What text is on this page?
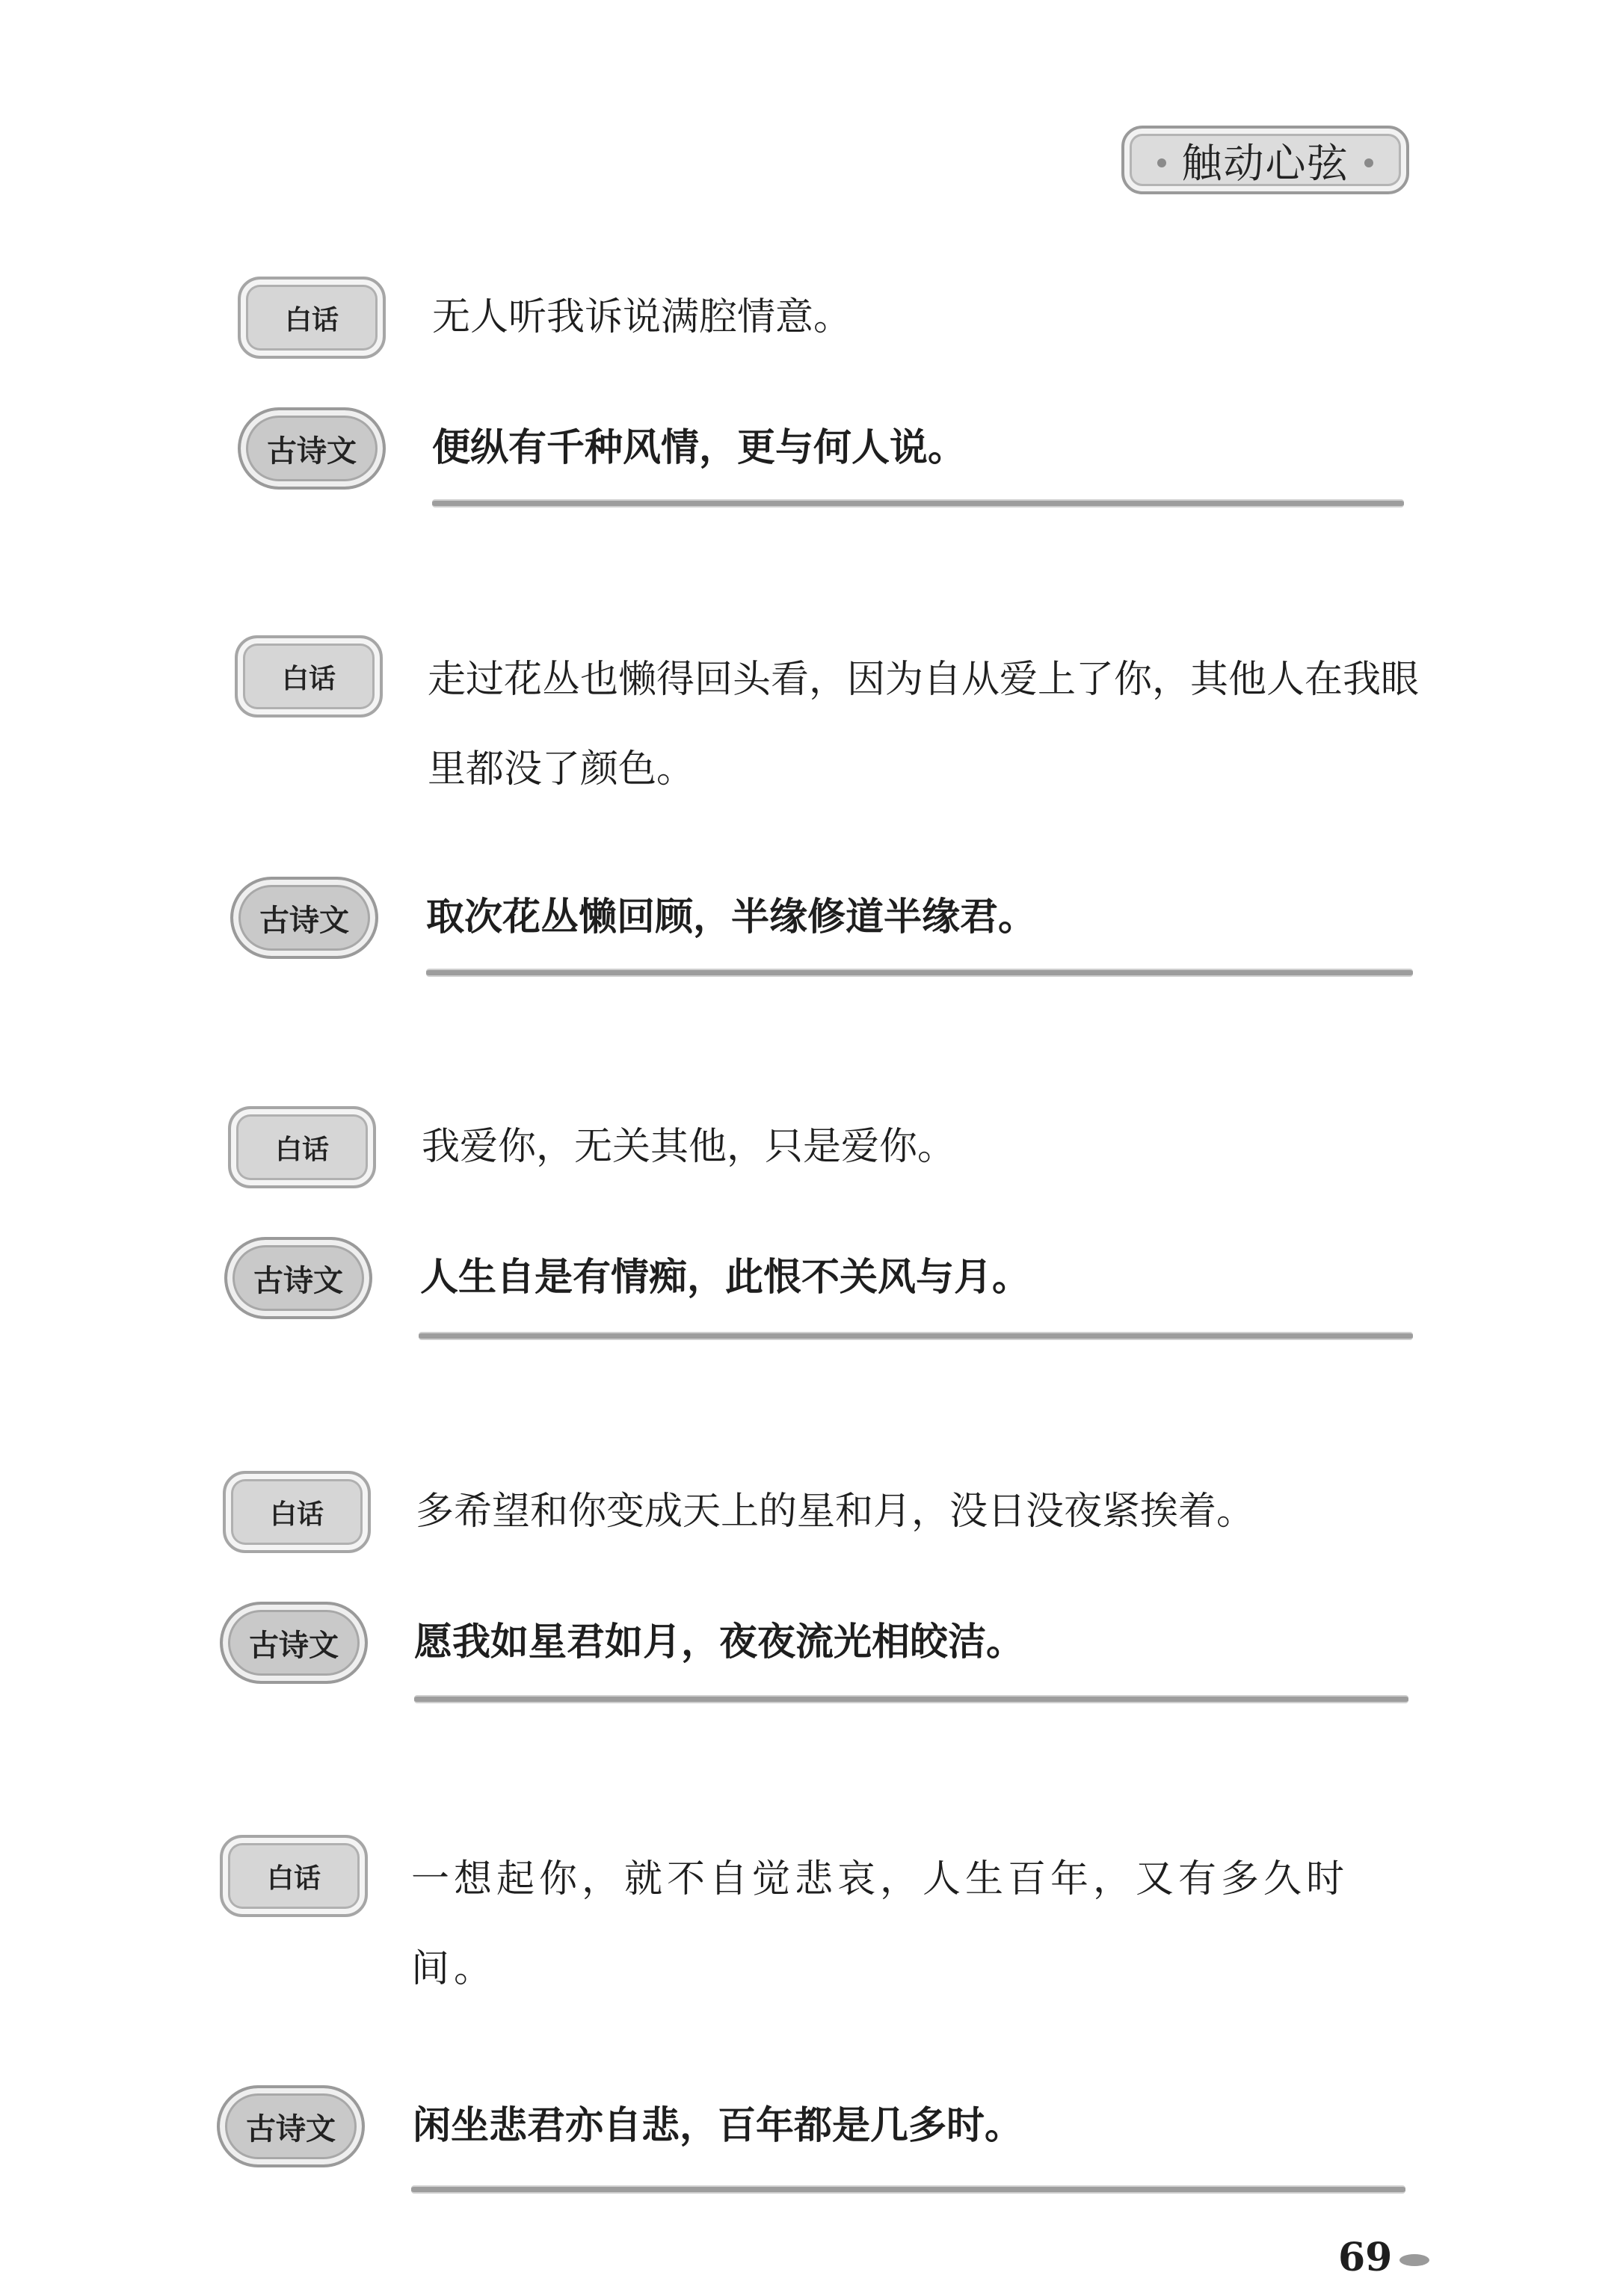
触动心弦
白话	无人听我诉说满腔情意。
古诗文	便纵有千种风情，更与何人说。
白话	走过花丛也懒得回头看，因为自从爱上了你，其他人在我眼里都没了颜色。
古诗文	取次花丛懒回顾，半缘修道半缘君。
白话	我爱你，无关其他，只是爱你。
古诗文	人生自是有情痴，此恨不关风与月。
白话	多希望和你变成天上的星和月，没日没夜紧挨着。
古诗文	愿我如星君如月，夜夜流光相皎洁。
白话	一想起你，就不自觉悲哀，人生百年，又有多久时间。
古诗文	闲坐悲君亦自悲，百年都是几多时。
69
